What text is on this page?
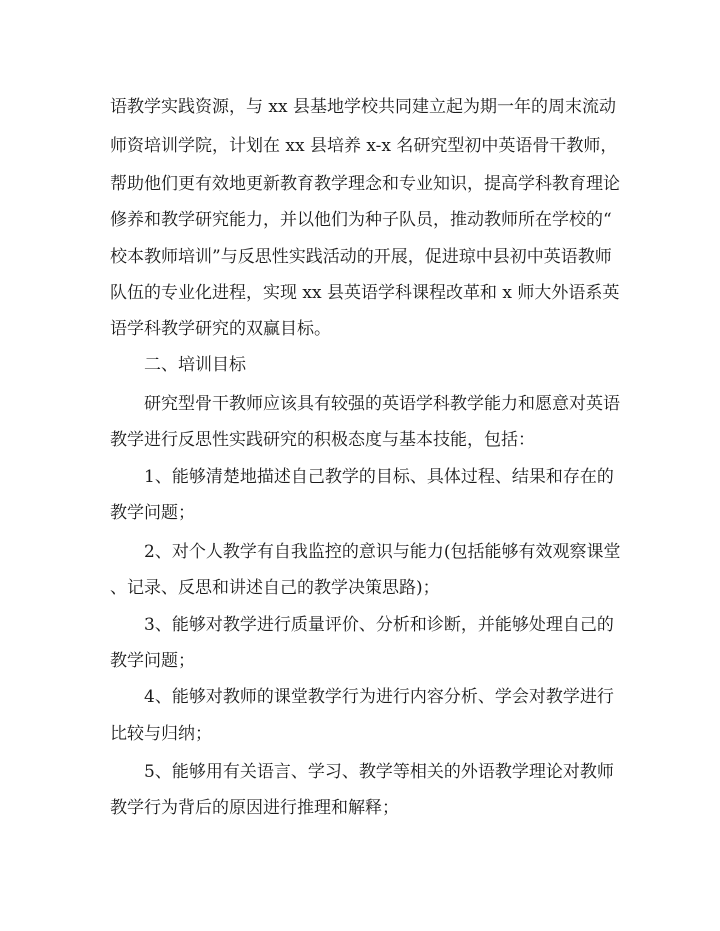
语教学实践资源，与 xx 县基地学校共同建立起为期一年的周末流动
师资培训学院，计划在 xx 县培养 x-x 名研究型初中英语骨干教师，
帮助他们更有效地更新教育教学理念和专业知识，提高学科教育理论
修养和教学研究能力，并以他们为种子队员，推动教师所在学校的“
校本教师培训”与反思性实践活动的开展，促进琼中县初中英语教师
队伍的专业化进程，实现 xx 县英语学科课程改革和 x 师大外语系英
语学科教学研究的双赢目标。
二、培训目标
研究型骨干教师应该具有较强的英语学科教学能力和愿意对英语
教学进行反思性实践研究的积极态度与基本技能，包括：
1、能够清楚地描述自己教学的目标、具体过程、结果和存在的
教学问题；
2、对个人教学有自我监控的意识与能力(包括能够有效观察课堂
、记录、反思和讲述自己的教学决策思路)；
3、能够对教学进行质量评价、分析和诊断，并能够处理自己的
教学问题；
4、能够对教师的课堂教学行为进行内容分析、学会对教学进行
比较与归纳；
5、能够用有关语言、学习、教学等相关的外语教学理论对教师
教学行为背后的原因进行推理和解释；
